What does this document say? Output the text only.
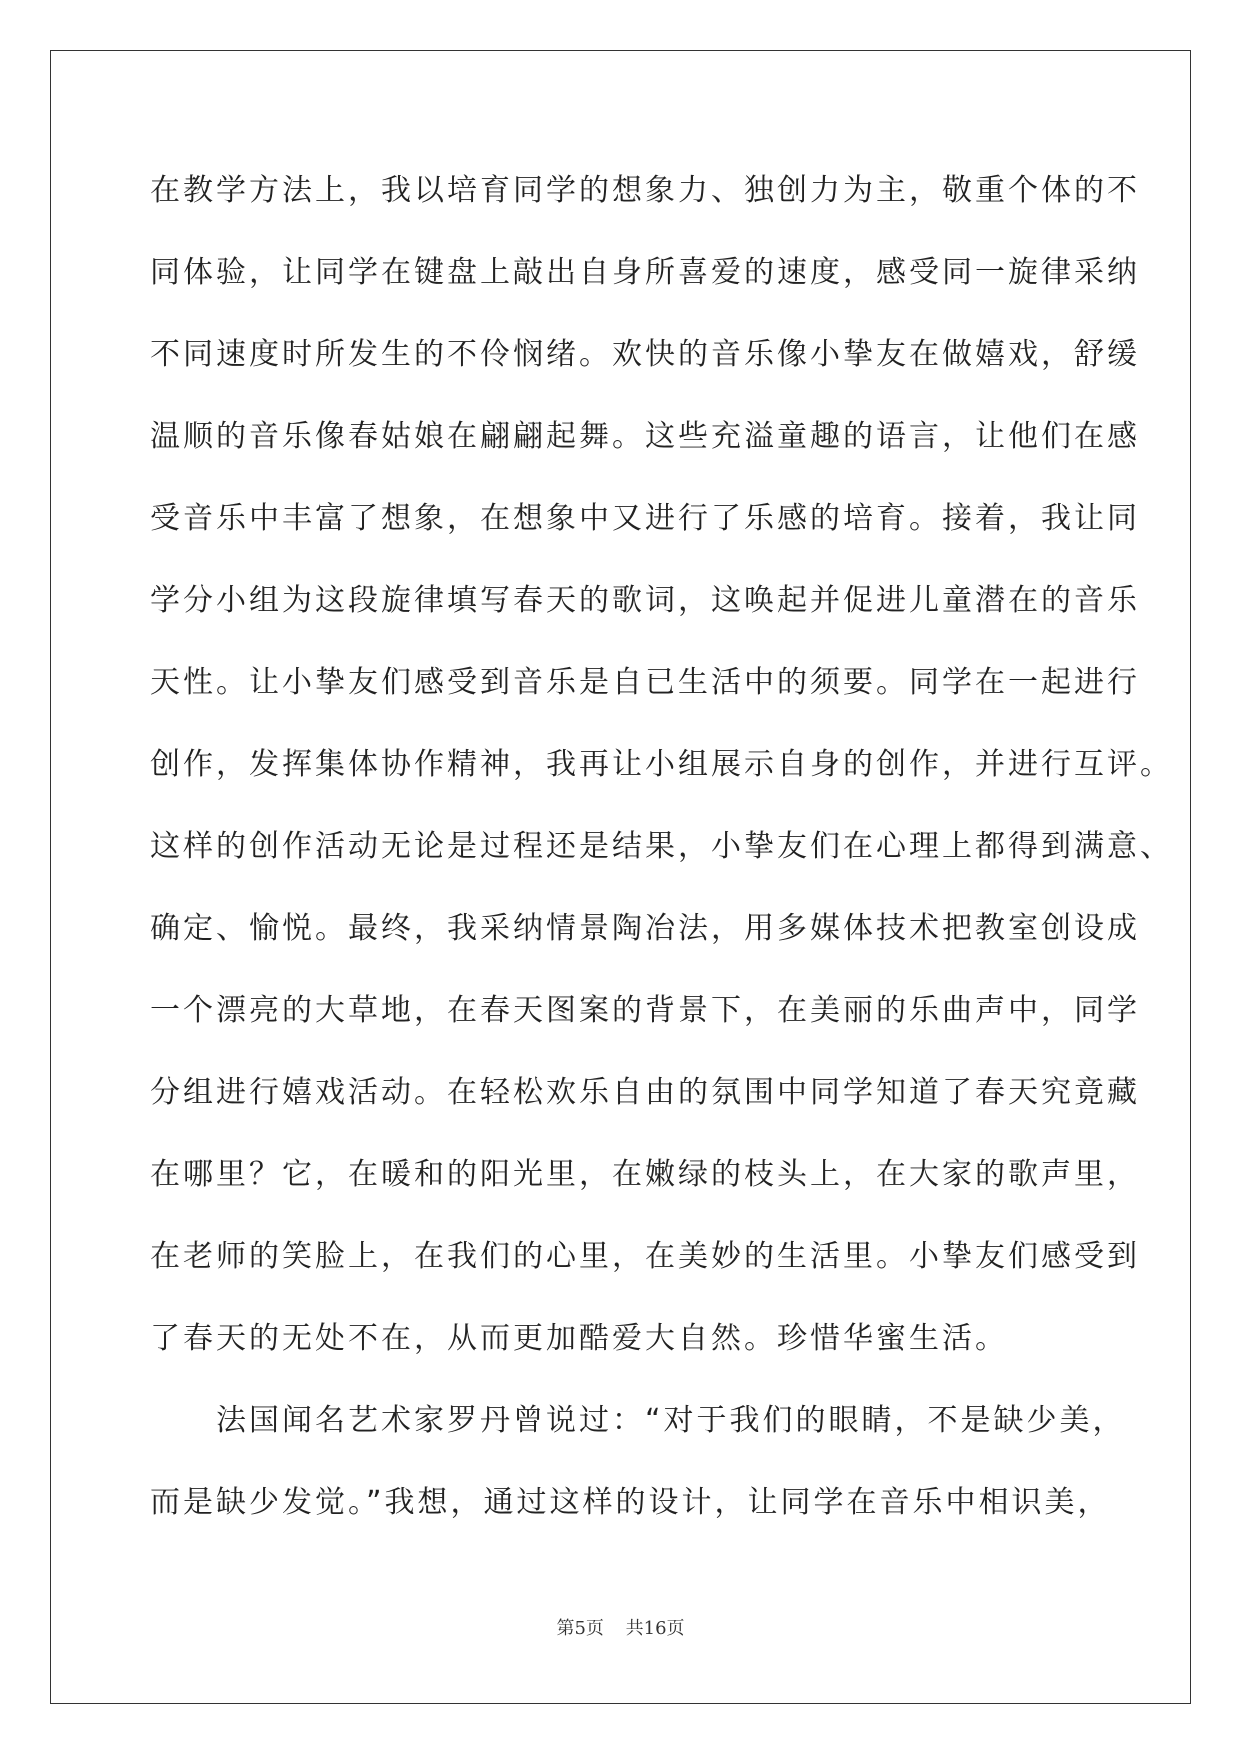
在教学方法上，我以培育同学的想象力、独创力为主，敬重个体的不
同体验，让同学在键盘上敲出自身所喜爱的速度，感受同一旋律采纳
不同速度时所发生的不伶悯绪。欢快的音乐像小挚友在做嬉戏，舒缓
温顺的音乐像春姑娘在翩翩起舞。这些充溢童趣的语言，让他们在感
受音乐中丰富了想象，在想象中又进行了乐感的培育。接着，我让同
学分小组为这段旋律填写春天的歌词，这唤起并促进儿童潜在的音乐
天性。让小挚友们感受到音乐是自已生活中的须要。同学在一起进行
创作，发挥集体协作精神，我再让小组展示自身的创作，并进行互评。
这样的创作活动无论是过程还是结果，小挚友们在心理上都得到满意、
确定、愉悦。最终，我采纳情景陶冶法，用多媒体技术把教室创设成
一个漂亮的大草地，在春天图案的背景下，在美丽的乐曲声中，同学
分组进行嬉戏活动。在轻松欢乐自由的氛围中同学知道了春天究竟藏
在哪里？它，在暖和的阳光里，在嫩绿的枝头上，在大家的歌声里，
在老师的笑脸上，在我们的心里，在美妙的生活里。小挚友们感受到
了春天的无处不在，从而更加酷爱大自然。珍惜华蜜生活。
　　法国闻名艺术家罗丹曾说过：“对于我们的眼睛，不是缺少美，
而是缺少发觉。”我想，通过这样的设计，让同学在音乐中相识美，
第5页 共16页
